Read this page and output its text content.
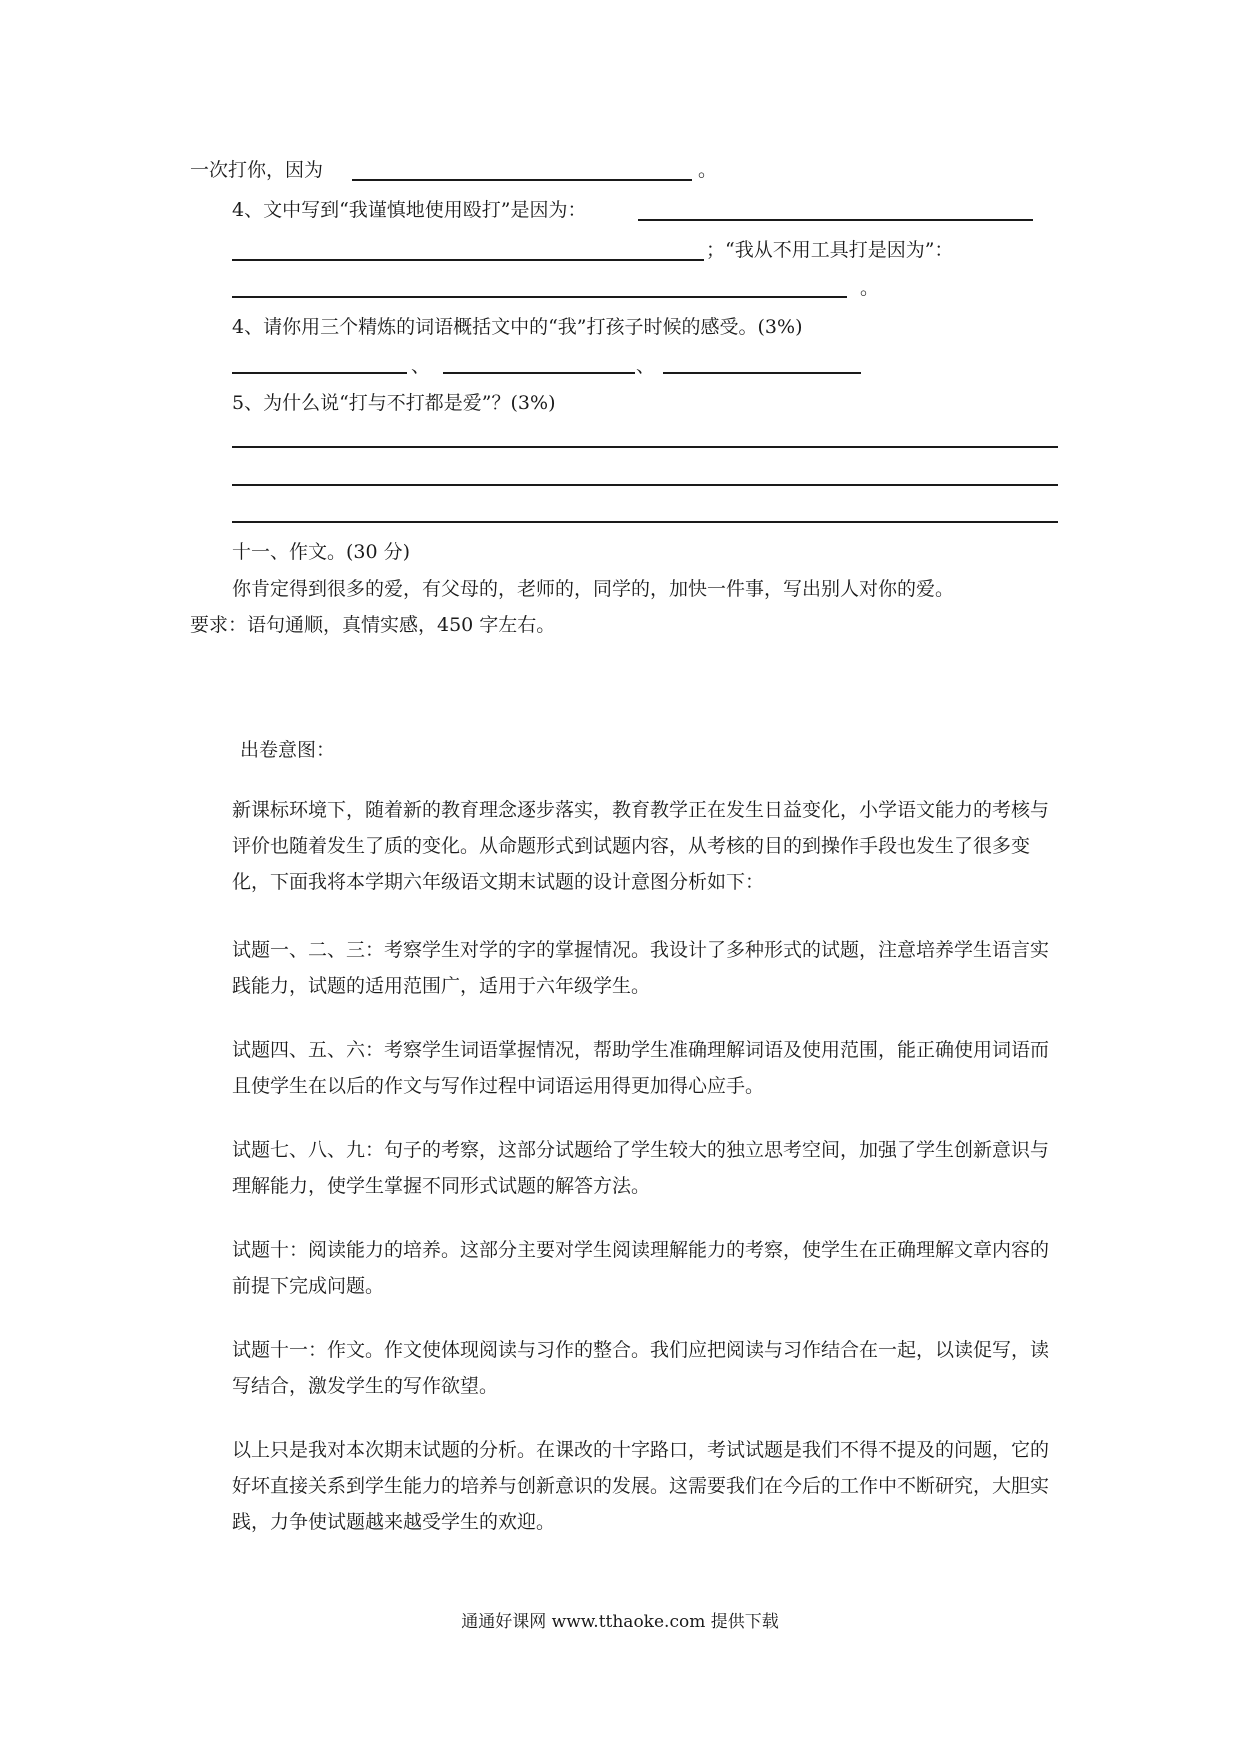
一次打你，因为	。
4、文中写到“我谨慎地使用殴打”是因为：
；“我从不用工具打是因为”：
。
4、请你用三个精炼的词语概括文中的“我”打孩子时候的感受。(3%)
、	、
5、为什么说“打与不打都是爱”？(3%)
十一、作文。(30 分)

你肯定得到很多的爱，有父母的，老师的，同学的，加快一件事，写出别人对你的爱。

要求：语句通顺，真情实感，450 字左右。

出卷意图：

新课标环境下，随着新的教育理念逐步落实，教育教学正在发生日益变化，小学语文能力的考核与评价也随着发生了质的变化。从命题形式到试题内容，从考核的目的到操作手段也发生了很多变化，下面我将本学期六年级语文期末试题的设计意图分析如下：

试题一、二、三：考察学生对学的字的掌握情况。我设计了多种形式的试题，注意培养学生语言实践能力，试题的适用范围广，适用于六年级学生。

试题四、五、六：考察学生词语掌握情况，帮助学生准确理解词语及使用范围，能正确使用词语而且使学生在以后的作文与写作过程中词语运用得更加得心应手。

试题七、八、九：句子的考察，这部分试题给了学生较大的独立思考空间，加强了学生创新意识与理解能力，使学生掌握不同形式试题的解答方法。

试题十：阅读能力的培养。这部分主要对学生阅读理解能力的考察，使学生在正确理解文章内容的前提下完成问题。

试题十一：作文。作文使体现阅读与习作的整合。我们应把阅读与习作结合在一起，以读促写，读写结合，激发学生的写作欲望。

以上只是我对本次期末试题的分析。在课改的十字路口，考试试题是我们不得不提及的问题，它的好坏直接关系到学生能力的培养与创新意识的发展。这需要我们在今后的工作中不断研究，大胆实践，力争使试题越来越受学生的欢迎。

通通好课网 www.tthaoke.com 提供下载
